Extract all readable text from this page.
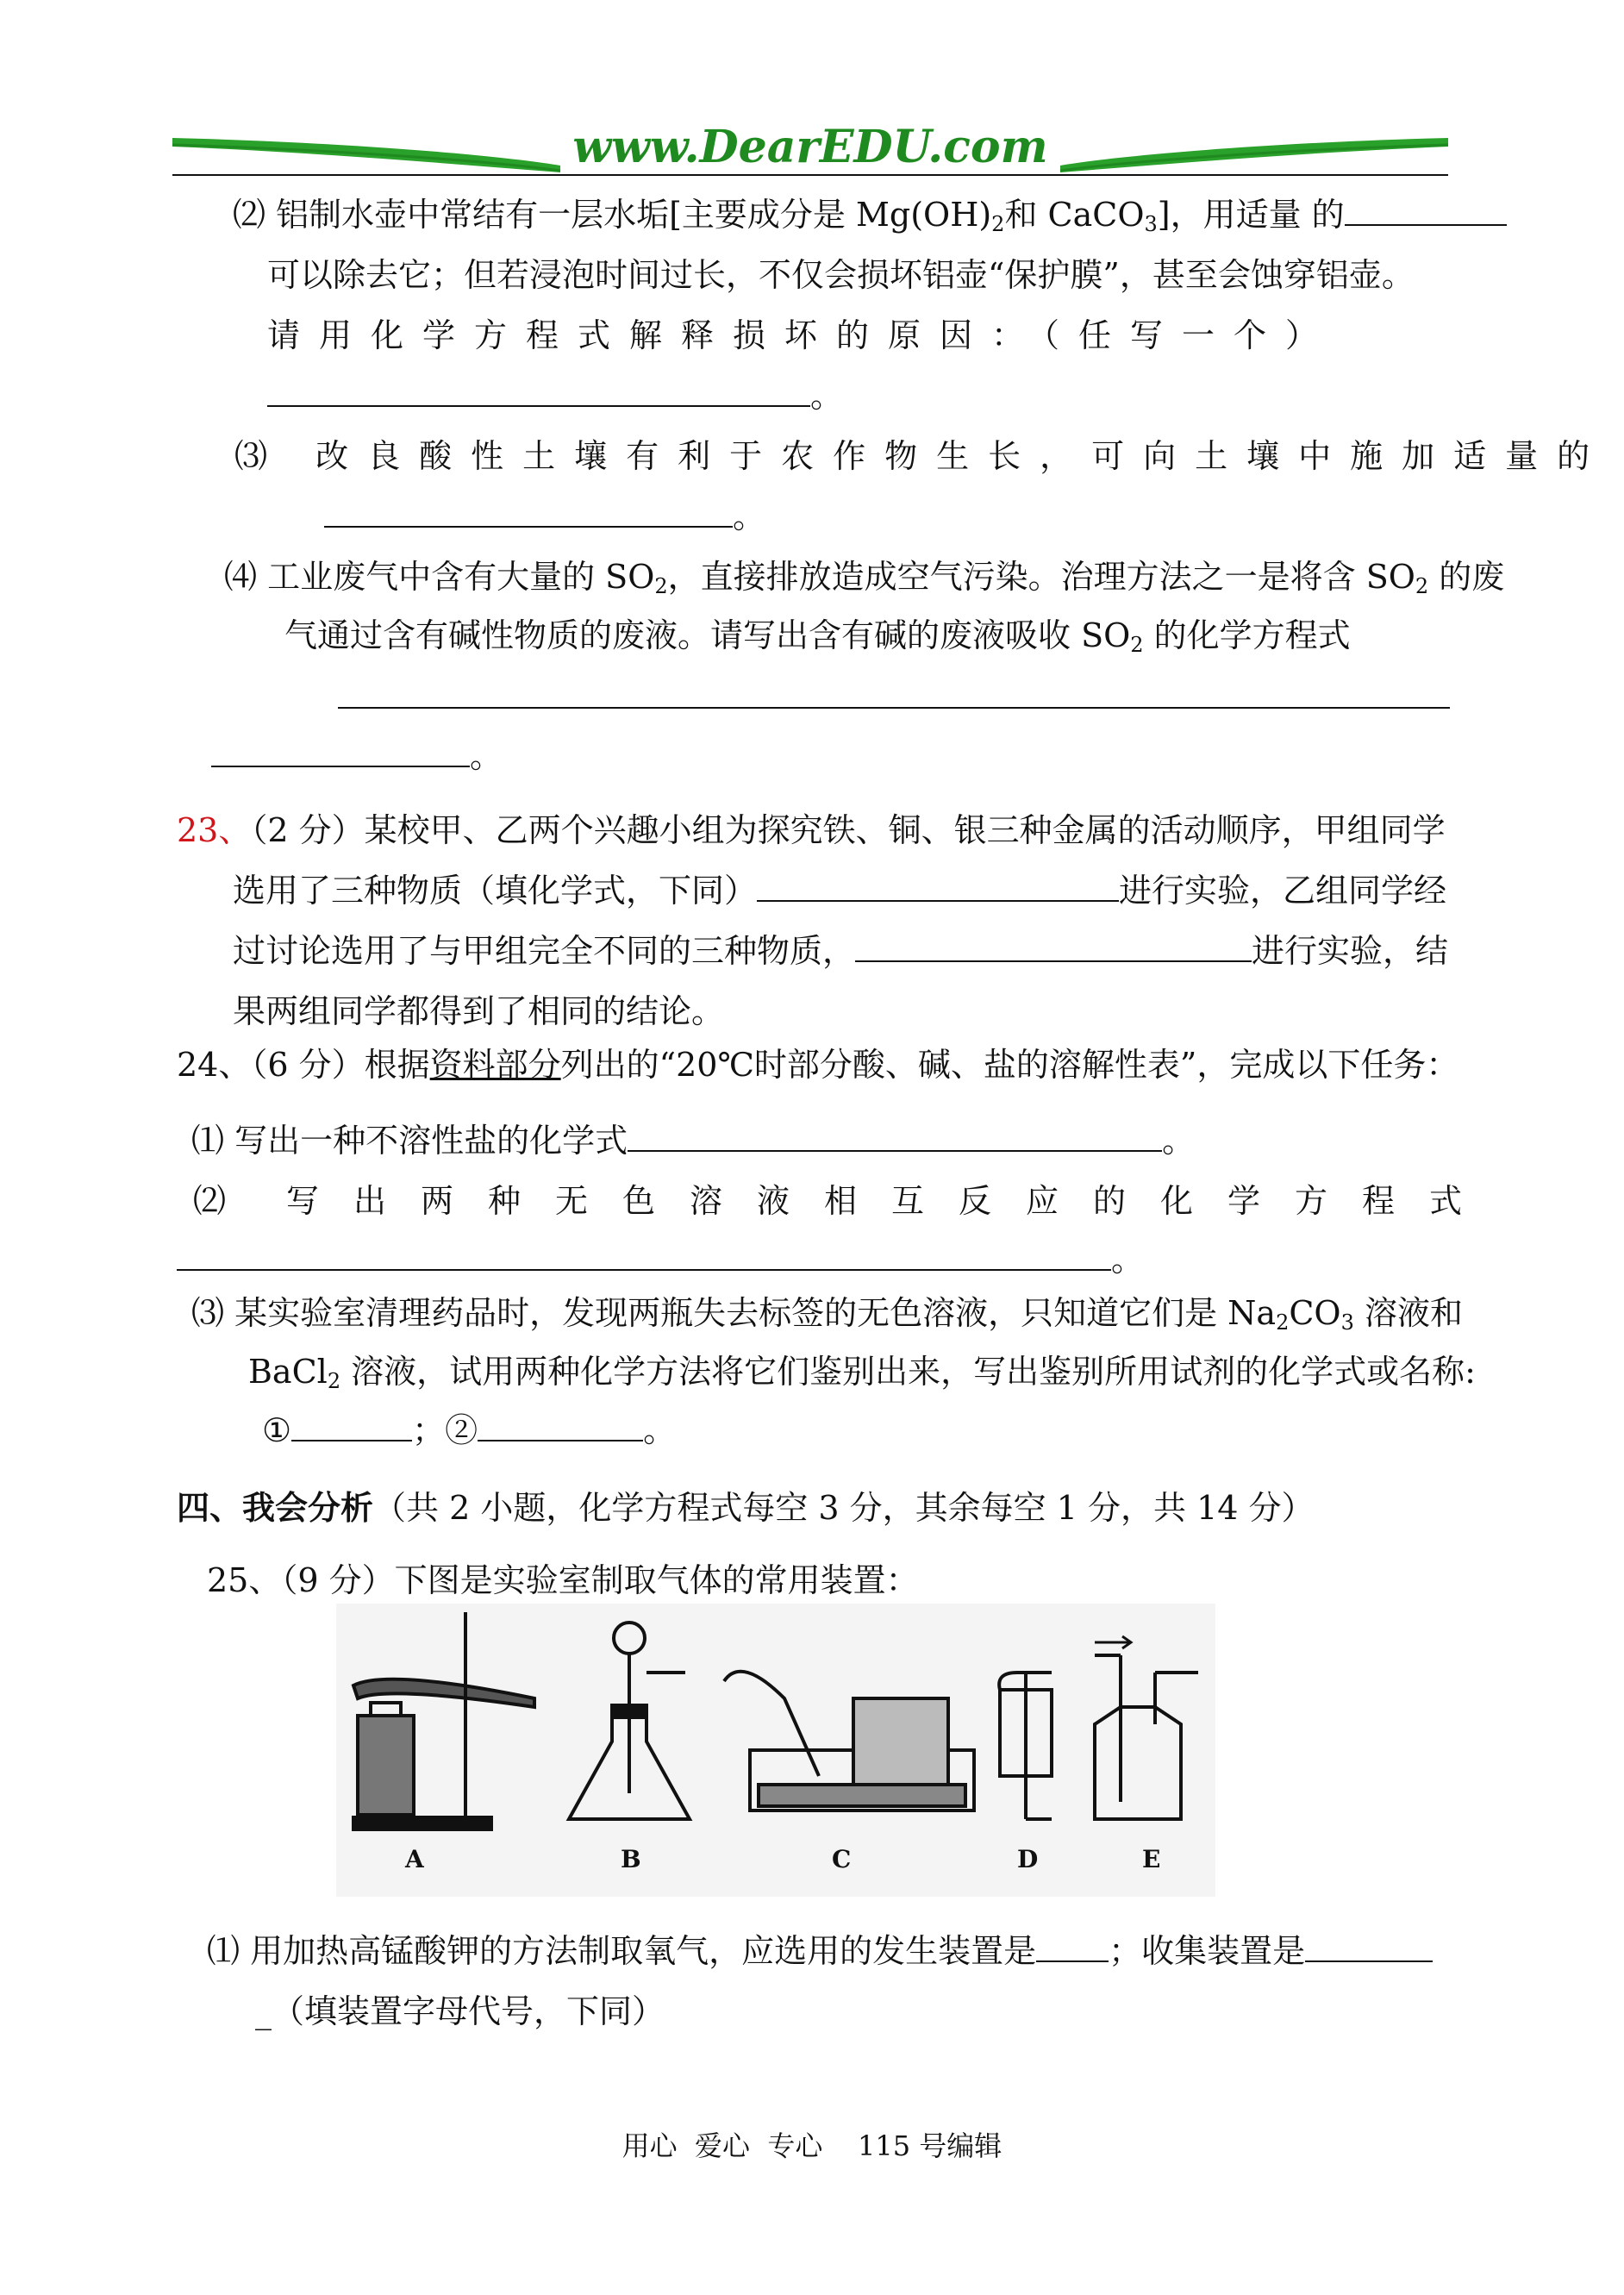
www.DearEDU.com
⑵ 铝制水壶中常结有一层水垢[主要成分是 $Mg(OH)_2$和 CaCO$_3$]，用适量 的
可以除去它；但若浸泡时间过长，不仅会损坏铝壶“保护膜”，甚至会蚀穿铝壶。
请用化学方程式解释损坏的原因：（任写一个）
。
⑶ 改良酸性土壤有利于农作物生长，可向土壤中施加适量的
。
⑷ 工业废气中含有大量的 $SO_2$，直接排放造成空气污染。治理方法之一是将含 $SO_2$ 的废
气通过含有碱性物质的废液。请写出含有碱的废液吸收 $SO_2$ 的化学方程式
。
23、（2 分）某校甲、乙两个兴趣小组为探究铁、铜、银三种金属的活动顺序，甲组同学
选用了三种物质（填化学式，下同）	进行实验，乙组同学经
过讨论选用了与甲组完全不同的三种物质，	进行实验，结
果两组同学都得到了相同的结论。
24、（6 分）根据资料部分列出的“20℃时部分酸、碱、盐的溶解性表”，完成以下任务：
⑴ 写出一种不溶性盐的化学式	。
⑵ 写出两种无色溶液相互反应的化学方程式
。
⑶ 某实验室清理药品时，发现两瓶失去标签的无色溶液，只知道它们是 $Na_2CO_3$ 溶液和
BaCl$_2$ 溶液，试用两种化学方法将它们鉴别出来，写出鉴别所用试剂的化学式或名称:
①	；②	。
四、我会分析（共 2 小题，化学方程式每空 3 分，其余每空 1 分，共 14 分）
25、（9 分）下图是实验室制取气体的常用装置：
A	B	C	D	E
⑴ 用加热高锰酸钾的方法制取氧气，应选用的发生装置是 ；收集装置是
_（填装置字母代号，下同）
用心  爱心  专心    115 号编辑
